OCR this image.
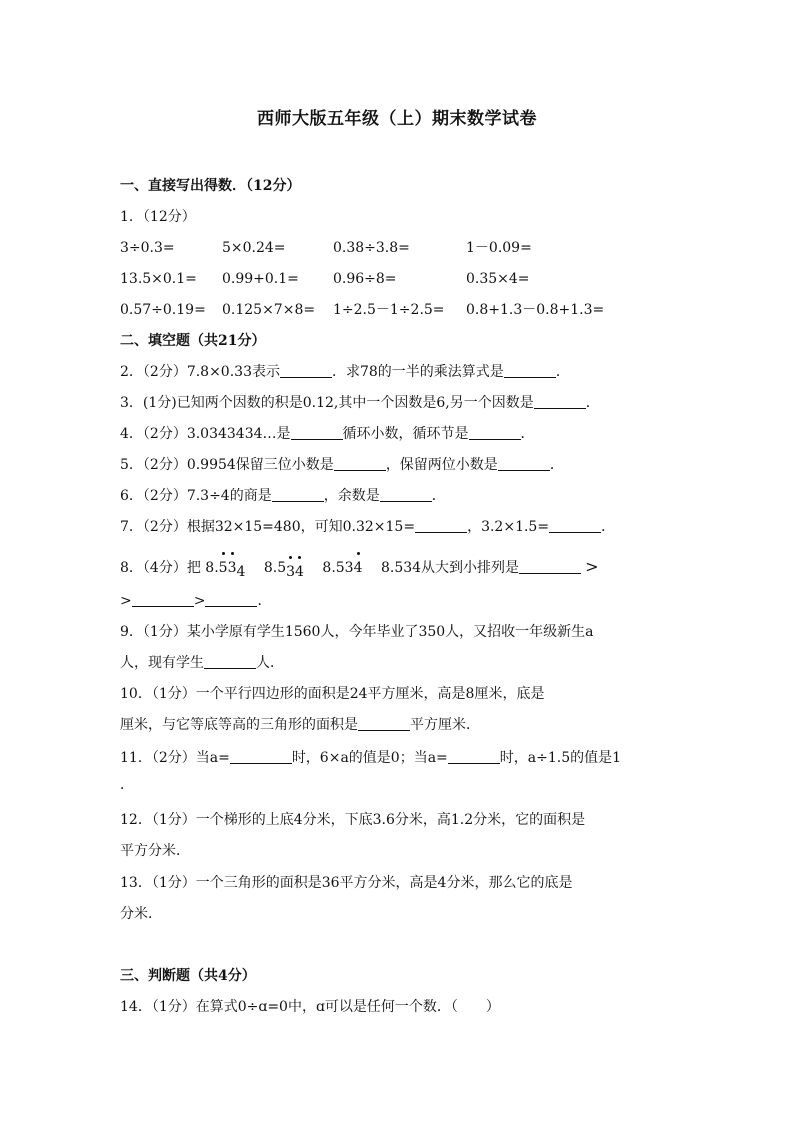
西师大版五年级（上）期末数学试卷
一、直接写出得数．（12分）
1．（12分）
3÷0.3=	5×0.24=	0.38÷3.8=	1－0.09=
13.5×0.1= 0.99+0.1= 0.96÷8=	0.35×4=
0.57÷0.19= 0.125×7×8= 1÷2.5－1÷2.5= 0.8+1.3－0.8+1.3=
二、填空题（共21分）
2．（2分）7.8×0.33表示	．求78的一半的乘法算式是	．
3．(1分)已知两个因数的积是0.12,其中一个因数是6,另一个因数是	．
4．（2分）3.0343434…是	循环小数，循环节是	．
5．（2分）0.9954保留三位小数是	，保留两位小数是	．
6．（2分）7.3÷4的商是	，余数是	．
7．（2分）根据32×15=480，可知0.32×15=	，3.2×1.5=	．
8．（4分）把 8.534 8.534 8.534 8.534从大到小排列是	>
>	>	．
9．（1分）某小学原有学生1560人，今年毕业了350人，又招收一年级新生a
人，现有学生	人．
10．（1分）一个平行四边形的面积是24平方厘米，高是8厘米，底是
厘米，与它等底等高的三角形的面积是	平方厘米．
11．（2分）当a=	时，6×a的值是0；当a=	时，a÷1.5的值是1
．
12．（1分）一个梯形的上底4分米，下底3.6分米，高1.2分米，它的面积是
平方分米．
13．（1分）一个三角形的面积是36平方分米，高是4分米，那么它的底是
分米．
三、判断题（共4分）
14．（1分）在算式0÷ɑ=0中，ɑ可以是任何一个数．（　　）
